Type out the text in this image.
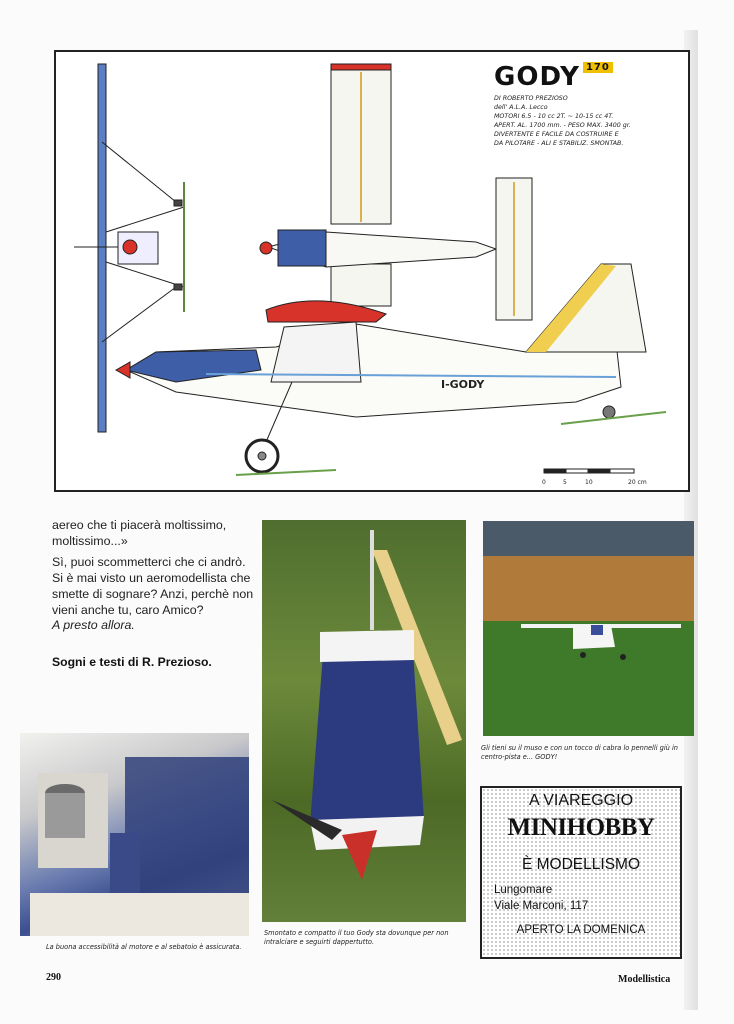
I-GODY
0	5	10	20 cm
GODY $^{170}$
DI ROBERTO PREZIOSO
dell' A.L.A. Lecco
MOTORI 6.5 - 10 cc 2T. ~ 10-15 cc 4T.
APERT. AL. 1700 mm. - PESO MAX. 3400 gr.
DIVERTENTE E FACILE DA COSTRUIRE E
DA PILOTARE - ALI E STABILIZ. SMONTAB.

aereo che ti piacerà moltissimo, moltissimo...»

Sì, puoi scommetterci che ci andrò. Si è mai visto un aeromodellista che smette di sognare? Anzi, perchè non vieni anche tu, caro Amico?

A presto allora.

Sogni e testi di R. Prezioso.
La buona accessibilità al motore e al sebatoio è assicurata.
Smontato e compatto il tuo Gody sta dovunque per non intralciare e seguirti dappertutto.
Gli tieni su il muso e con un tocco di cabra lo pennelli giù in centro-pista e... GODY!
A VIAREGGIO
MINIHOBBY
È MODELLISMO
Lungomare
Viale Marconi, 117
APERTO LA DOMENICA
290	Modellistica
